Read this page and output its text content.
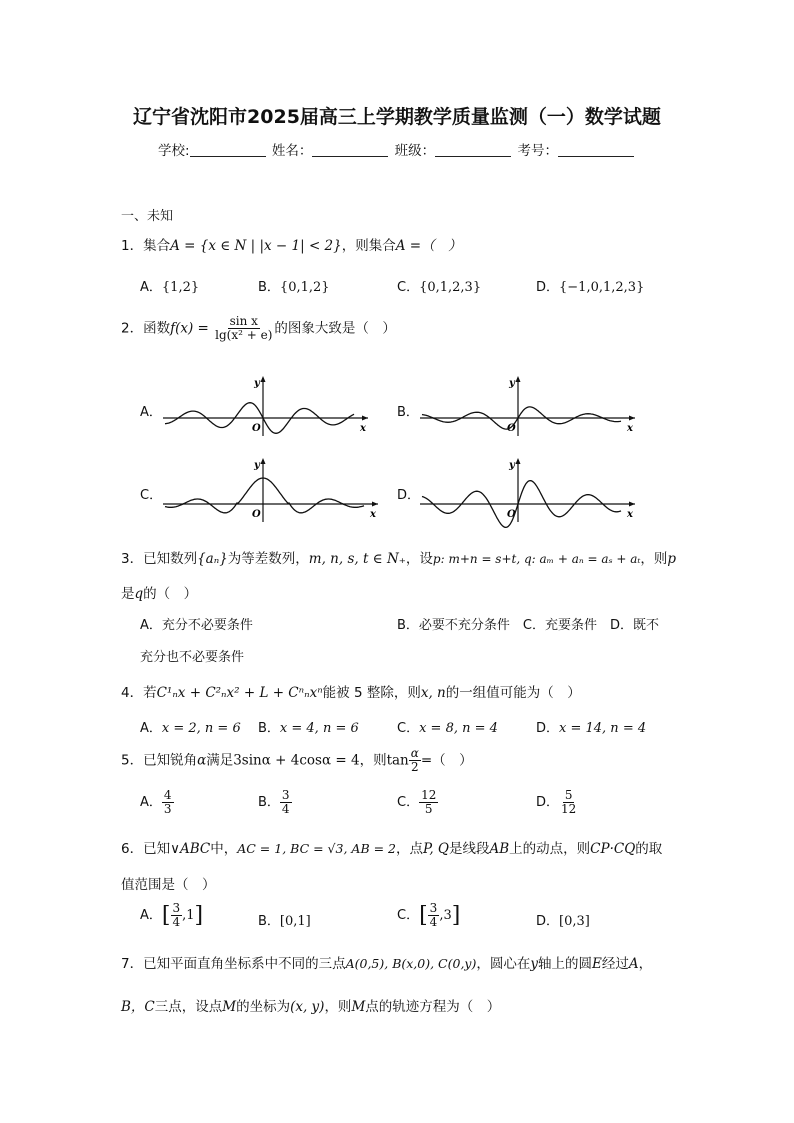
辽宁省沈阳市2025届高三上学期教学质量监测（一）数学试题
学校:	姓名：	班级：	考号：
一、未知
1．集合A = {x ∈ N | |x − 1| < 2}，则集合A =（　）
A．{1,2}	B．{0,1,2}	C．{0,1,2,3}	D．{−1,0,1,2,3}
2．函数$f(x) = \frac{\text{sin x}}{\text{lg(x² + e)}}$ 的图象大致是（　）
A．	B．
C．	D．
y
x
O
y
x
O
y
x
O
y
x
O
3．已知数列{aₙ}为等差数列，m, n, s, t ∈ N₊，设p: m+n = s+t, q: aₘ + aₙ = aₛ + aₜ，则p
是q的（　）
A．充分不必要条件	B．必要不充分条件　C．充要条件　D．既不
充分也不必要条件
4．若C¹ₙx + C²ₙx² + L + Cⁿₙxⁿ能被 5 整除，则x, n的一组值可能为（　）
A．x = 2, n = 6 B．x = 4, n = 6	C．x = 8, n = 4	D．x = 14, n = 4
5．已知锐角α满足3sinα + 4cosα = 4，则$\tan \frac{\alpha}{2}$ =（　）
A． $\frac{4}{3}$	B． $\frac{3}{4}$	C． $\frac{12}{5}$	D． $\frac{5}{12}$
6．已知∨ABC中，AC = 1, BC = √3, AB = 2，点P, Q是线段AB上的动点，则CP·CQ的取
值范围是（　）
A．[ $\frac{3}{4} ,1$]	B．[0,1]	C．[ $\frac{3}{4} ,3$]	D．[0,3]
7．已知平面直角坐标系中不同的三点A(0,5), B(x,0), C(0,y)，圆心在y轴上的圆E经过A，
B，C三点，设点M的坐标为(x, y)，则M点的轨迹方程为（　）
